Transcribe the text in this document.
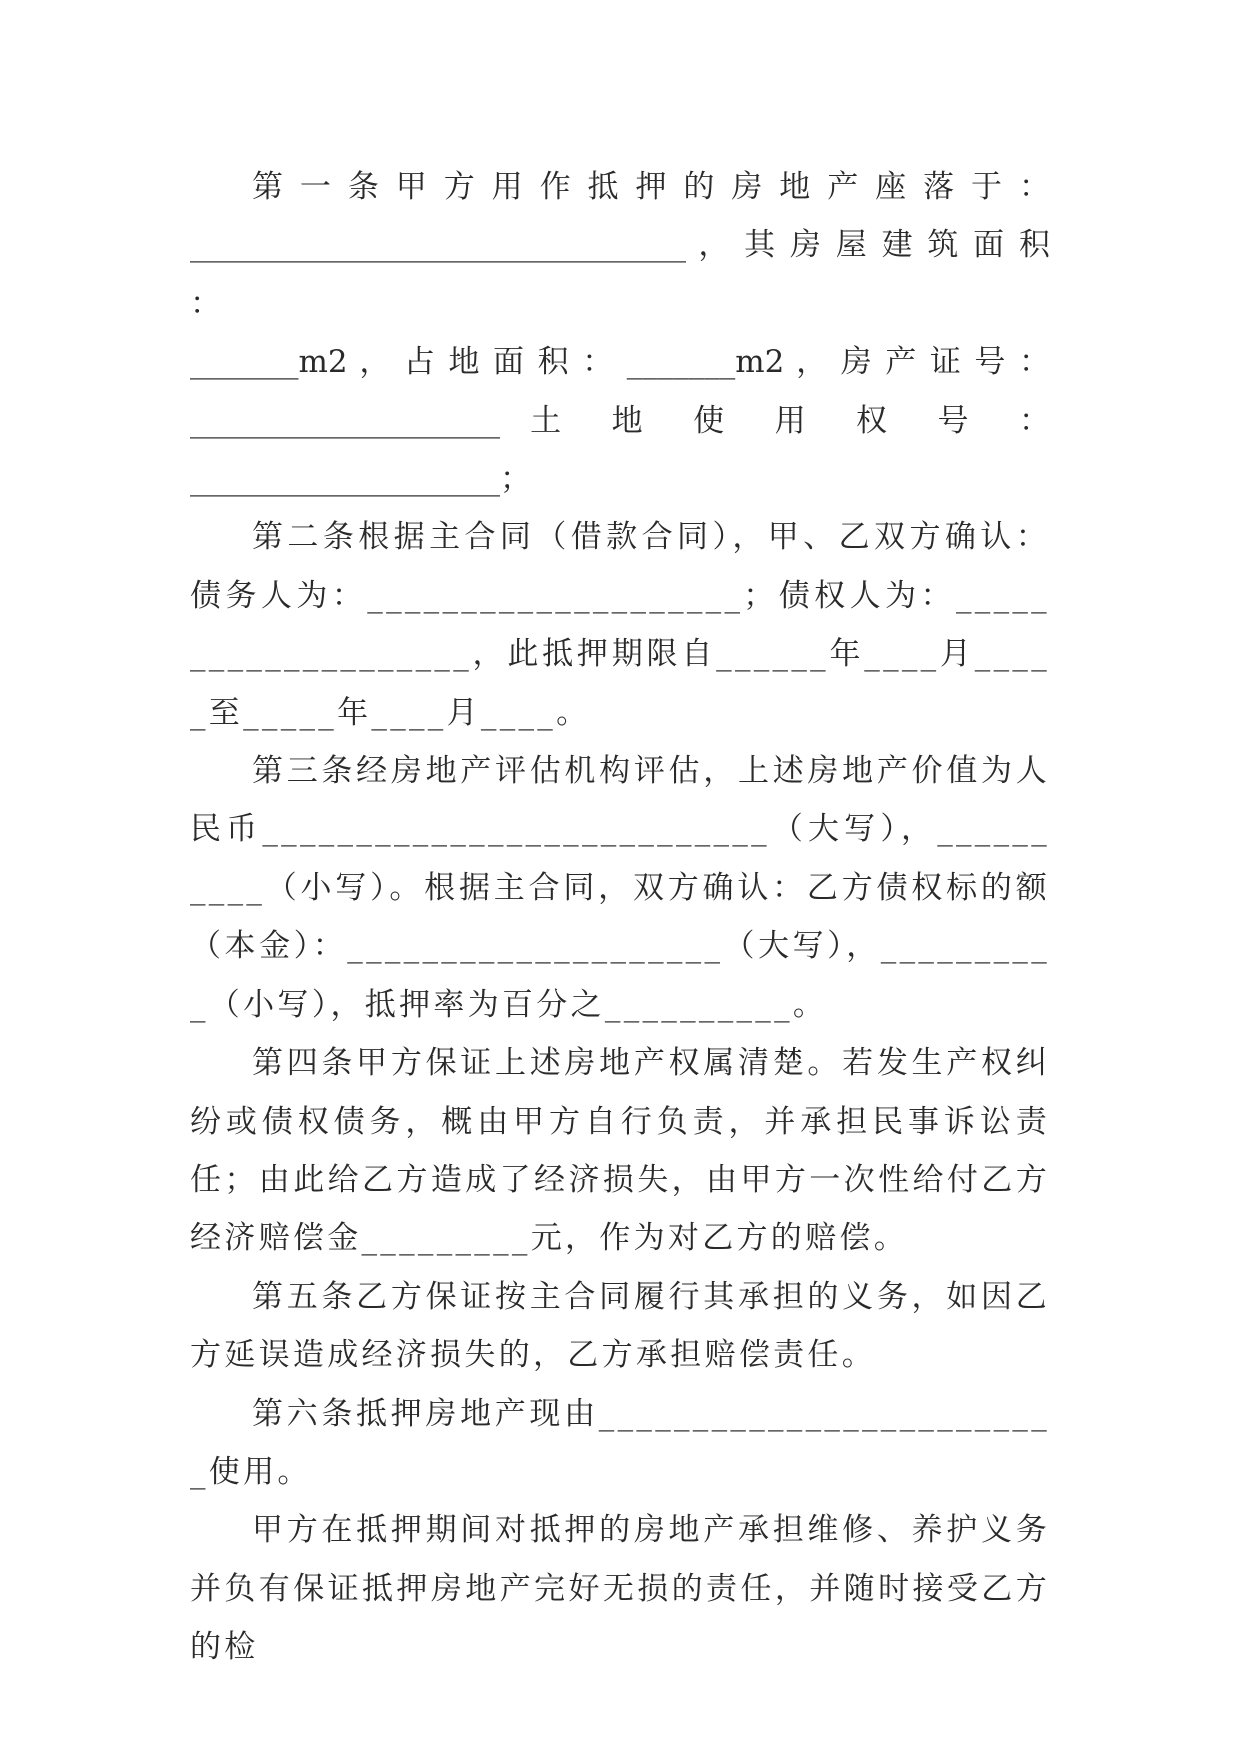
第 一 条 甲 方 用 作 抵 押 的 房 地 产 座 落 于 ：
________________________________ ， 其 房 屋 建 筑 面 积 ：
_______m2 ， 占 地 面 积 ： _______m2 ， 房 产 证 号 ：
____________________ 土 地 使 用 权 号 ：
____________________；

第二条根据主合同（借款合同），甲、乙双方确认：债务人为：____________________；债权人为：____________________，此抵押期限自______年____月_____至_____年____月____。

第三条经房地产评估机构评估，上述房地产价值为人民币___________________________（大写），__________（小写）。根据主合同，双方确认：乙方债权标的额（本金）：____________________（大写），__________（小写），抵押率为百分之__________。

第四条甲方保证上述房地产权属清楚。若发生产权纠纷或债权债务，概由甲方自行负责，并承担民事诉讼责任；由此给乙方造成了经济损失，由甲方一次性给付乙方经济赔偿金_________元，作为对乙方的赔偿。

第五条乙方保证按主合同履行其承担的义务，如因乙方延误造成经济损失的，乙方承担赔偿责任。

第六条抵押房地产现由_________________________使用。

甲方在抵押期间对抵押的房地产承担维修、养护义务并负有保证抵押房地产完好无损的责任，并随时接受乙方的检
